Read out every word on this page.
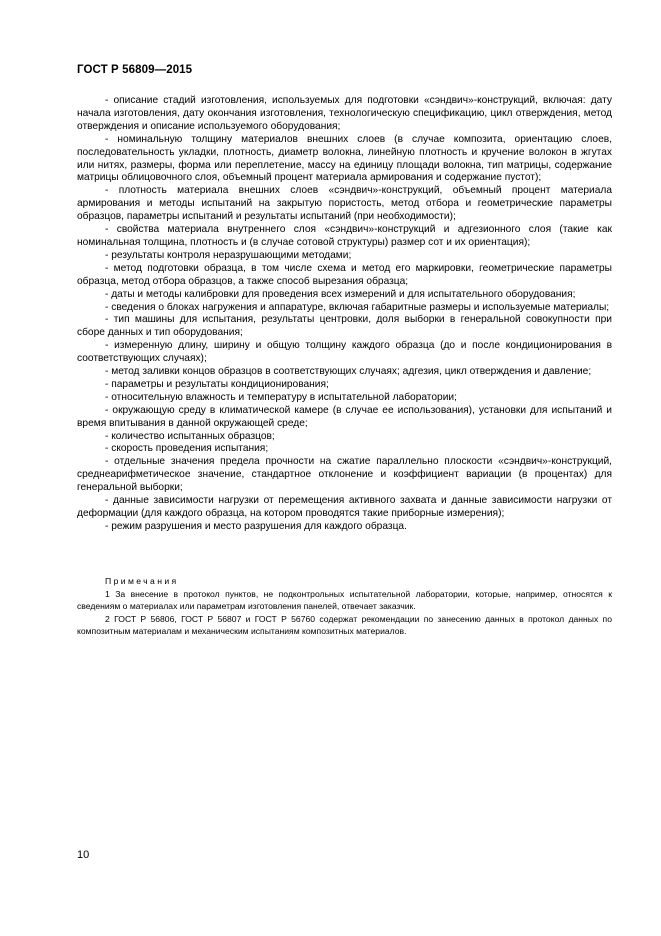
ГОСТ Р 56809—2015

- описание стадий изготовления, используемых для подготовки «сэндвич»-конструкций, включая: дату начала изготовления, дату окончания изготовления, технологическую спецификацию, цикл отверждения, метод отверждения и описание используемого оборудования;

- номинальную толщину материалов внешних слоев (в случае композита, ориентацию слоев, последовательность укладки, плотность, диаметр волокна, линейную плотность и кручение волокон в жгутах или нитях, размеры, форма или переплетение, массу на единицу площади волокна, тип матрицы, содержание матрицы облицовочного слоя, объемный процент материала армирования и содержание пустот);

- плотность материала внешних слоев «сэндвич»-конструкций, объемный процент материала армирования и методы испытаний на закрытую пористость, метод отбора и геометрические параметры образцов, параметры испытаний и результаты испытаний (при необходимости);

- свойства материала внутреннего слоя «сэндвич»-конструкций и адгезионного слоя (такие как номинальная толщина, плотность и (в случае сотовой структуры) размер сот и их ориентация);

- результаты контроля неразрушающими методами;

- метод подготовки образца, в том числе схема и метод его маркировки, геометрические параметры образца, метод отбора образцов, а также способ вырезания образца;

- даты и методы калибровки для проведения всех измерений и для испытательного оборудования;

- сведения о блоках нагружения и аппаратуре, включая габаритные размеры и используемые материалы;

- тип машины для испытания, результаты центровки, доля выборки в генеральной совокупности при сборе данных и тип оборудования;

- измеренную длину, ширину и общую толщину каждого образца (до и после кондиционирования в соответствующих случаях);

- метод заливки концов образцов в соответствующих случаях; адгезия, цикл отверждения и давление;

- параметры и результаты кондиционирования;

- относительную влажность и температуру в испытательной лаборатории;

- окружающую среду в климатической камере (в случае ее использования), установки для испытаний и время впитывания в данной окружающей среде;

- количество испытанных образцов;

- скорость проведения испытания;

- отдельные значения предела прочности на сжатие параллельно плоскости «сэндвич»-конструкций, среднеарифметическое значение, стандартное отклонение и коэффициент вариации (в процентах) для генеральной выборки;

- данные зависимости нагрузки от перемещения активного захвата и данные зависимости нагрузки от деформации (для каждого образца, на котором проводятся такие приборные измерения);

- режим разрушения и место разрушения для каждого образца.

Примечания

1 За внесение в протокол пунктов, не подконтрольных испытательной лаборатории, которые, например, относятся к сведениям о материалах или параметрам изготовления панелей, отвечает заказчик.

2 ГОСТ Р 56806, ГОСТ Р 56807 и ГОСТ Р 56760 содержат рекомендации по занесению данных в протокол данных по композитным материалам и механическим испытаниям композитных материалов.

10
